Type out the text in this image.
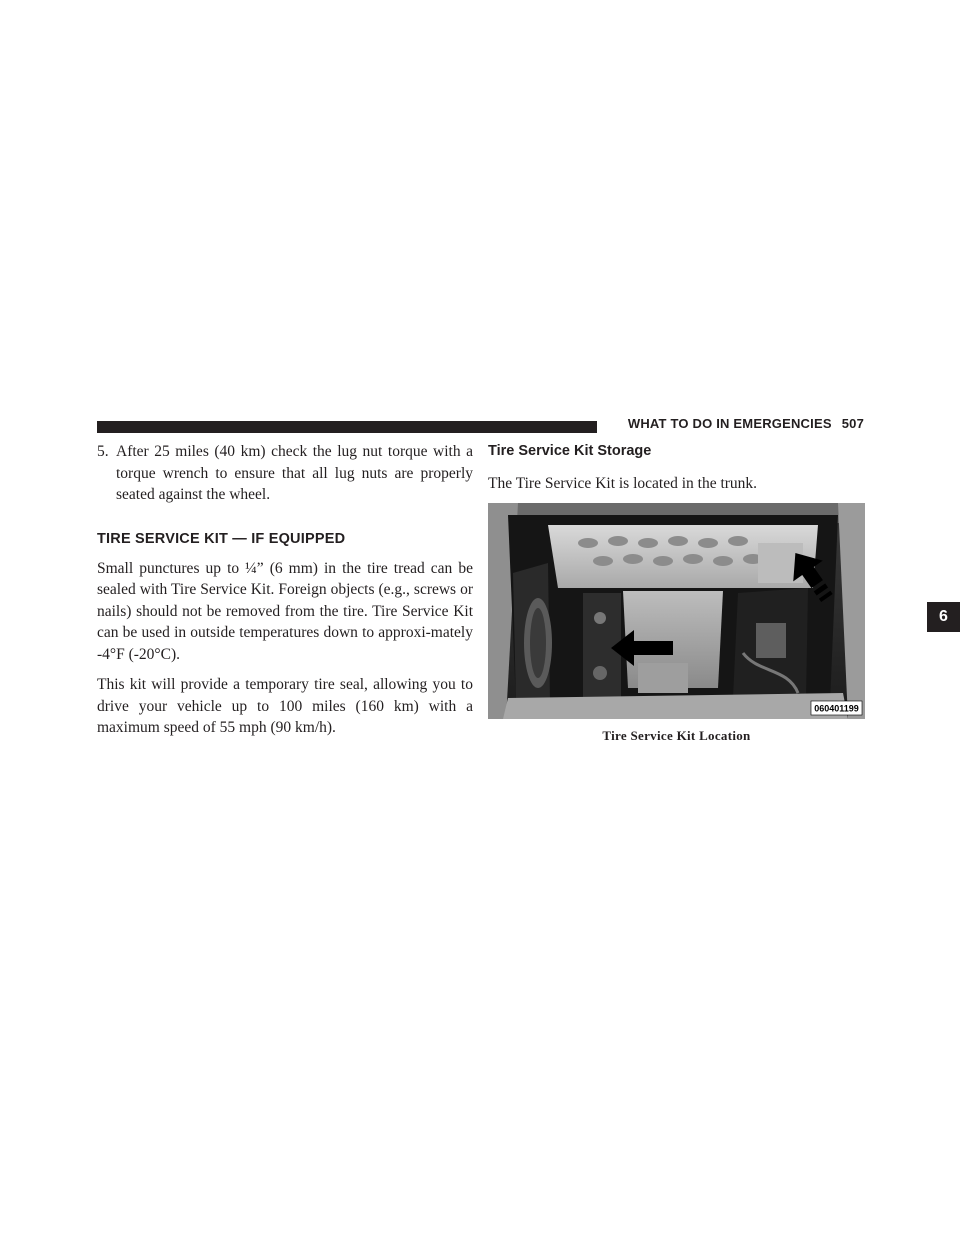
WHAT TO DO IN EMERGENCIES 507
5. After 25 miles (40 km) check the lug nut torque with a torque wrench to ensure that all lug nuts are properly seated against the wheel.
TIRE SERVICE KIT — IF EQUIPPED

Small punctures up to ¼” (6 mm) in the tire tread can be sealed with Tire Service Kit. Foreign objects (e.g., screws or nails) should not be removed from the tire. Tire Service Kit can be used in outside temperatures down to approxi-mately -4°F (-20°C).

This kit will provide a temporary tire seal, allowing you to drive your vehicle up to 100 miles (160 km) with a maximum speed of 55 mph (90 km/h).

Tire Service Kit Storage

The Tire Service Kit is located in the trunk.

060401199
Tire Service Kit Location
6
